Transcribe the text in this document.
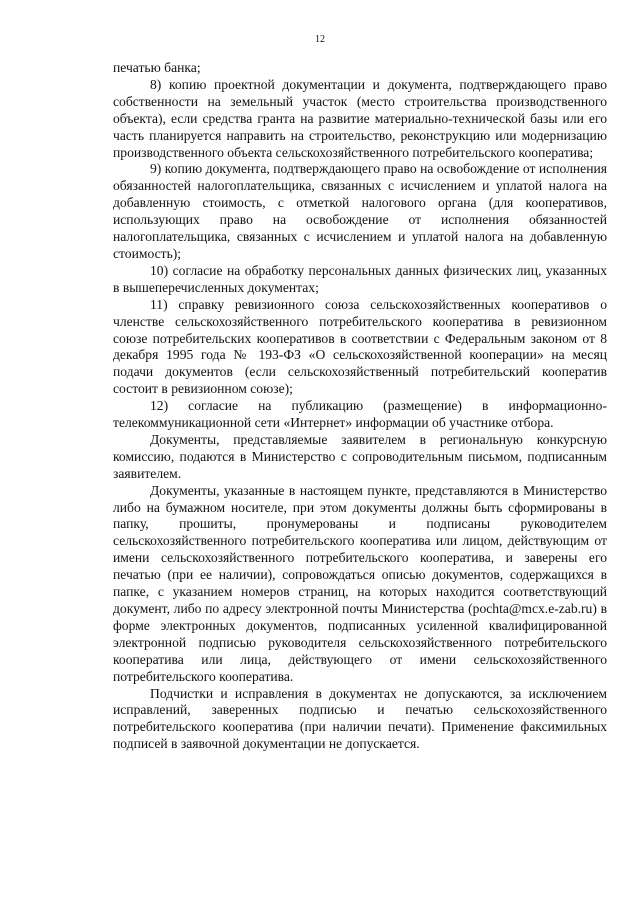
12

печатью банка;

8) копию проектной документации и документа, подтверждающего право собственности на земельный участок (место строительства производственного объекта), если средства гранта на развитие материально-технической базы или его часть планируется направить на строительство, реконструкцию или модернизацию производственного объекта сельскохозяйственного потребительского кооператива;

9) копию документа, подтверждающего право на освобождение от исполнения обязанностей налогоплательщика, связанных с исчислением и уплатой налога на добавленную стоимость, с отметкой налогового органа (для кооперативов, использующих право на освобождение от исполнения обязанностей налогоплательщика, связанных с исчислением и уплатой налога на добавленную стоимость);

10) согласие на обработку персональных данных физических лиц, указанных в вышеперечисленных документах;

11) справку ревизионного союза сельскохозяйственных кооперативов о членстве сельскохозяйственного потребительского кооператива в ревизионном союзе потребительских кооперативов в соответствии с Федеральным законом от 8 декабря 1995 года № 193-ФЗ «О сельскохозяйственной кооперации» на месяц подачи документов (если сельскохозяйственный потребительский кооператив состоит в ревизионном союзе);

12) согласие на публикацию (размещение) в информационно-телекоммуникационной сети «Интернет» информации об участнике отбора.

Документы, представляемые заявителем в региональную конкурсную комиссию, подаются в Министерство с сопроводительным письмом, подписанным заявителем.

Документы, указанные в настоящем пункте, представляются в Министерство либо на бумажном носителе, при этом документы должны быть сформированы в папку, прошиты, пронумерованы и подписаны руководителем сельскохозяйственного потребительского кооператива или лицом, действующим от имени сельскохозяйственного потребительского кооператива, и заверены его печатью (при ее наличии), сопровождаться описью документов, содержащихся в папке, с указанием номеров страниц, на которых находится соответствующий документ, либо по адресу электронной почты Министерства (pochta@mcx.e-zab.ru) в форме электронных документов, подписанных усиленной квалифицированной электронной подписью руководителя сельскохозяйственного потребительского кооператива или лица, действующего от имени сельскохозяйственного потребительского кооператива.

Подчистки и исправления в документах не допускаются, за исключением исправлений, заверенных подписью и печатью сельскохозяйственного потребительского кооператива (при наличии печати). Применение факсимильных подписей в заявочной документации не допускается.
